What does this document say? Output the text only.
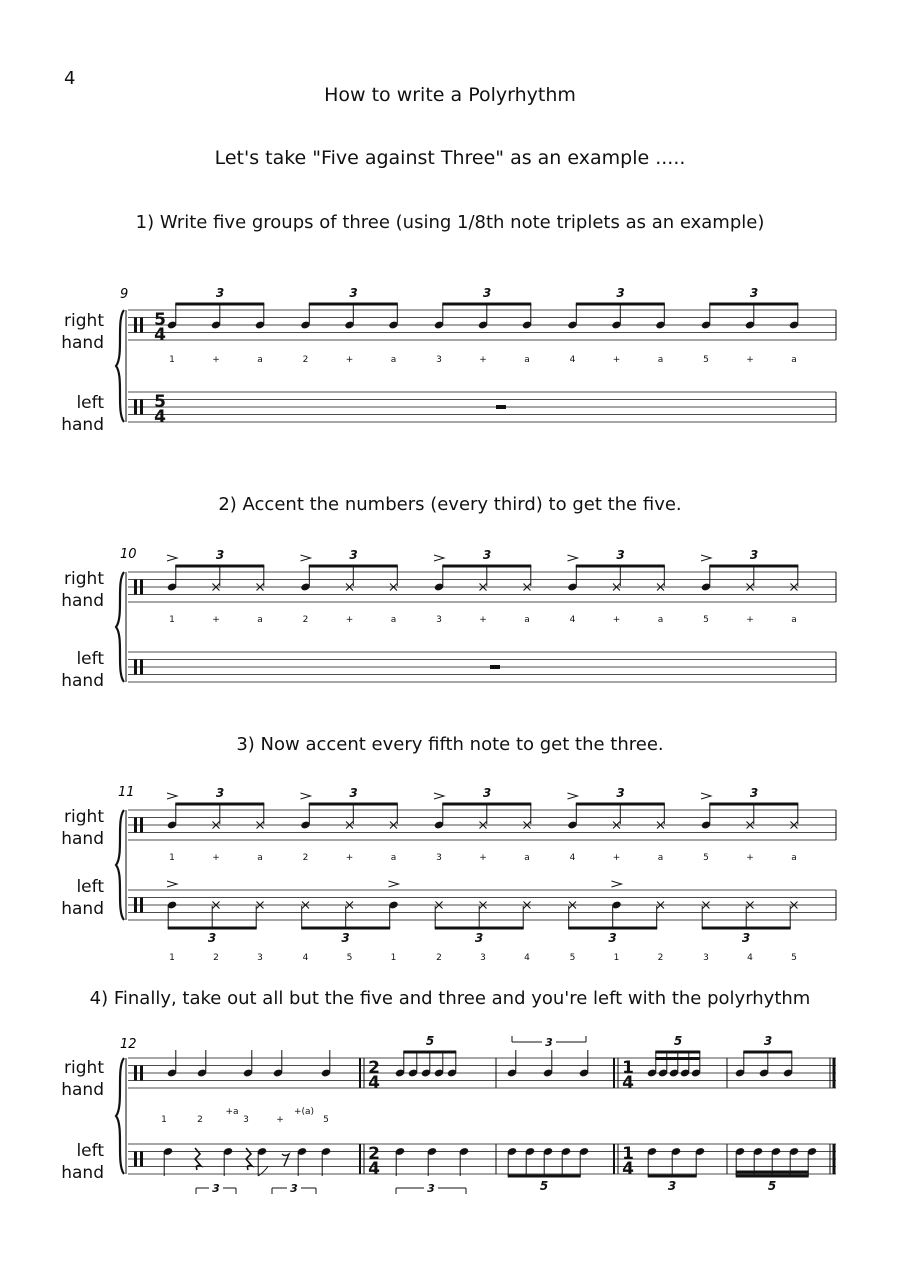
4
How to write a Polyrhythm
Let's take "Five against Three" as an example .....
1) Write five groups of three (using 1/8th note triplets as an example)
2) Accent the numbers (every third) to get the five.
3) Now accent every fifth note to get the three.
4) Finally, take out all but the five and three and you're left with the polyrhythm
right hand
left hand
right hand
left hand
right hand
left hand
right hand
left hand
9
5
4
5
4
3	3	3	3	3
1	+	a	2	+	a	3	+	a	4	+	a	5	+	a
10	3	3	3	3	3
1	+	a	2	+	a	3	+	a	4	+	a	5	+	a
11	3	3	3	3	3
1	+	a	2	+	a	3	+	a	4	+	a	5	+	a
3	3	3	3	3
1	2	3	4	5	1	2	3	4	5	1	2	3	4	5
12
2
4
2
4
1
4
1
4
1	2
+a
3	+
+(a)
5
3	3
5	3
3	5
5	3
3	5
